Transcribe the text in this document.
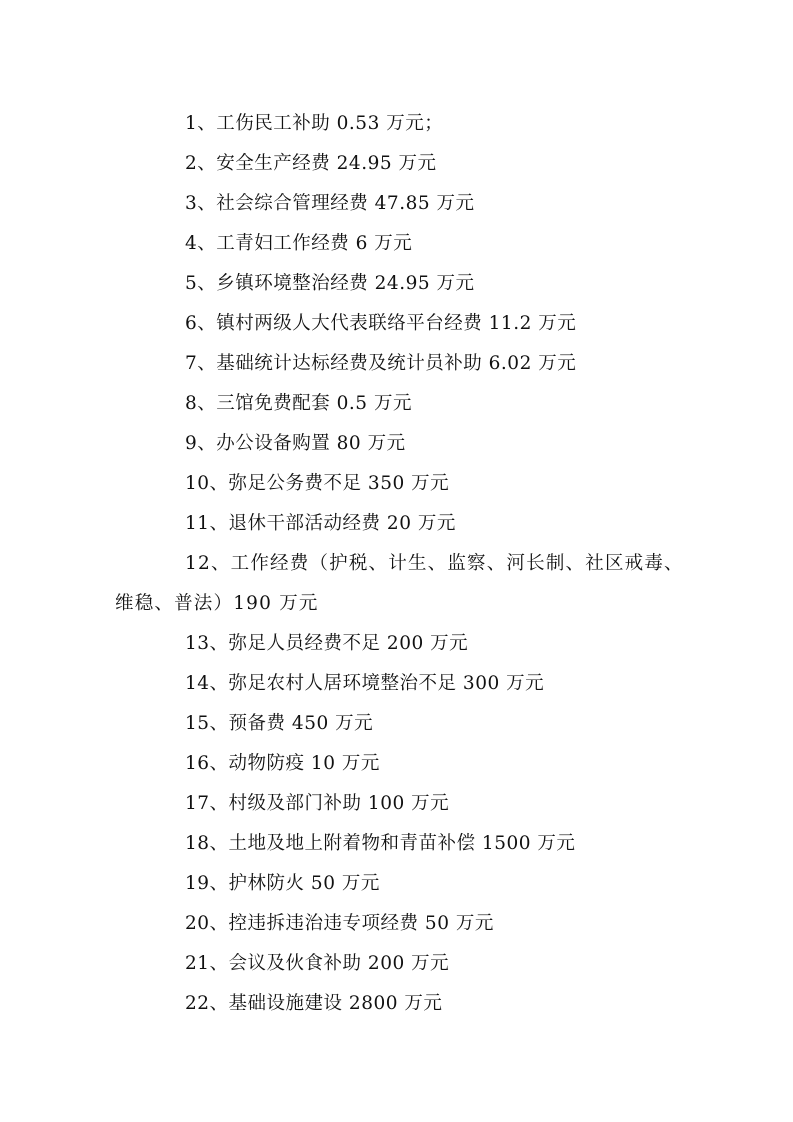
1、工伤民工补助 0.53 万元；
2、安全生产经费 24.95 万元
3、社会综合管理经费 47.85 万元
4、工青妇工作经费 6 万元
5、乡镇环境整治经费 24.95 万元
6、镇村两级人大代表联络平台经费 11.2 万元
7、基础统计达标经费及统计员补助 6.02 万元
8、三馆免费配套 0.5 万元
9、办公设备购置 80 万元
10、弥足公务费不足 350 万元
11、退休干部活动经费 20 万元
12、工作经费（护税、计生、监察、河长制、社区戒毒、维稳、普法）190 万元
13、弥足人员经费不足 200 万元
14、弥足农村人居环境整治不足 300 万元
15、预备费 450 万元
16、动物防疫 10 万元
17、村级及部门补助 100 万元
18、土地及地上附着物和青苗补偿 1500 万元
19、护林防火 50 万元
20、控违拆违治违专项经费 50 万元
21、会议及伙食补助 200 万元
22、基础设施建设 2800 万元
